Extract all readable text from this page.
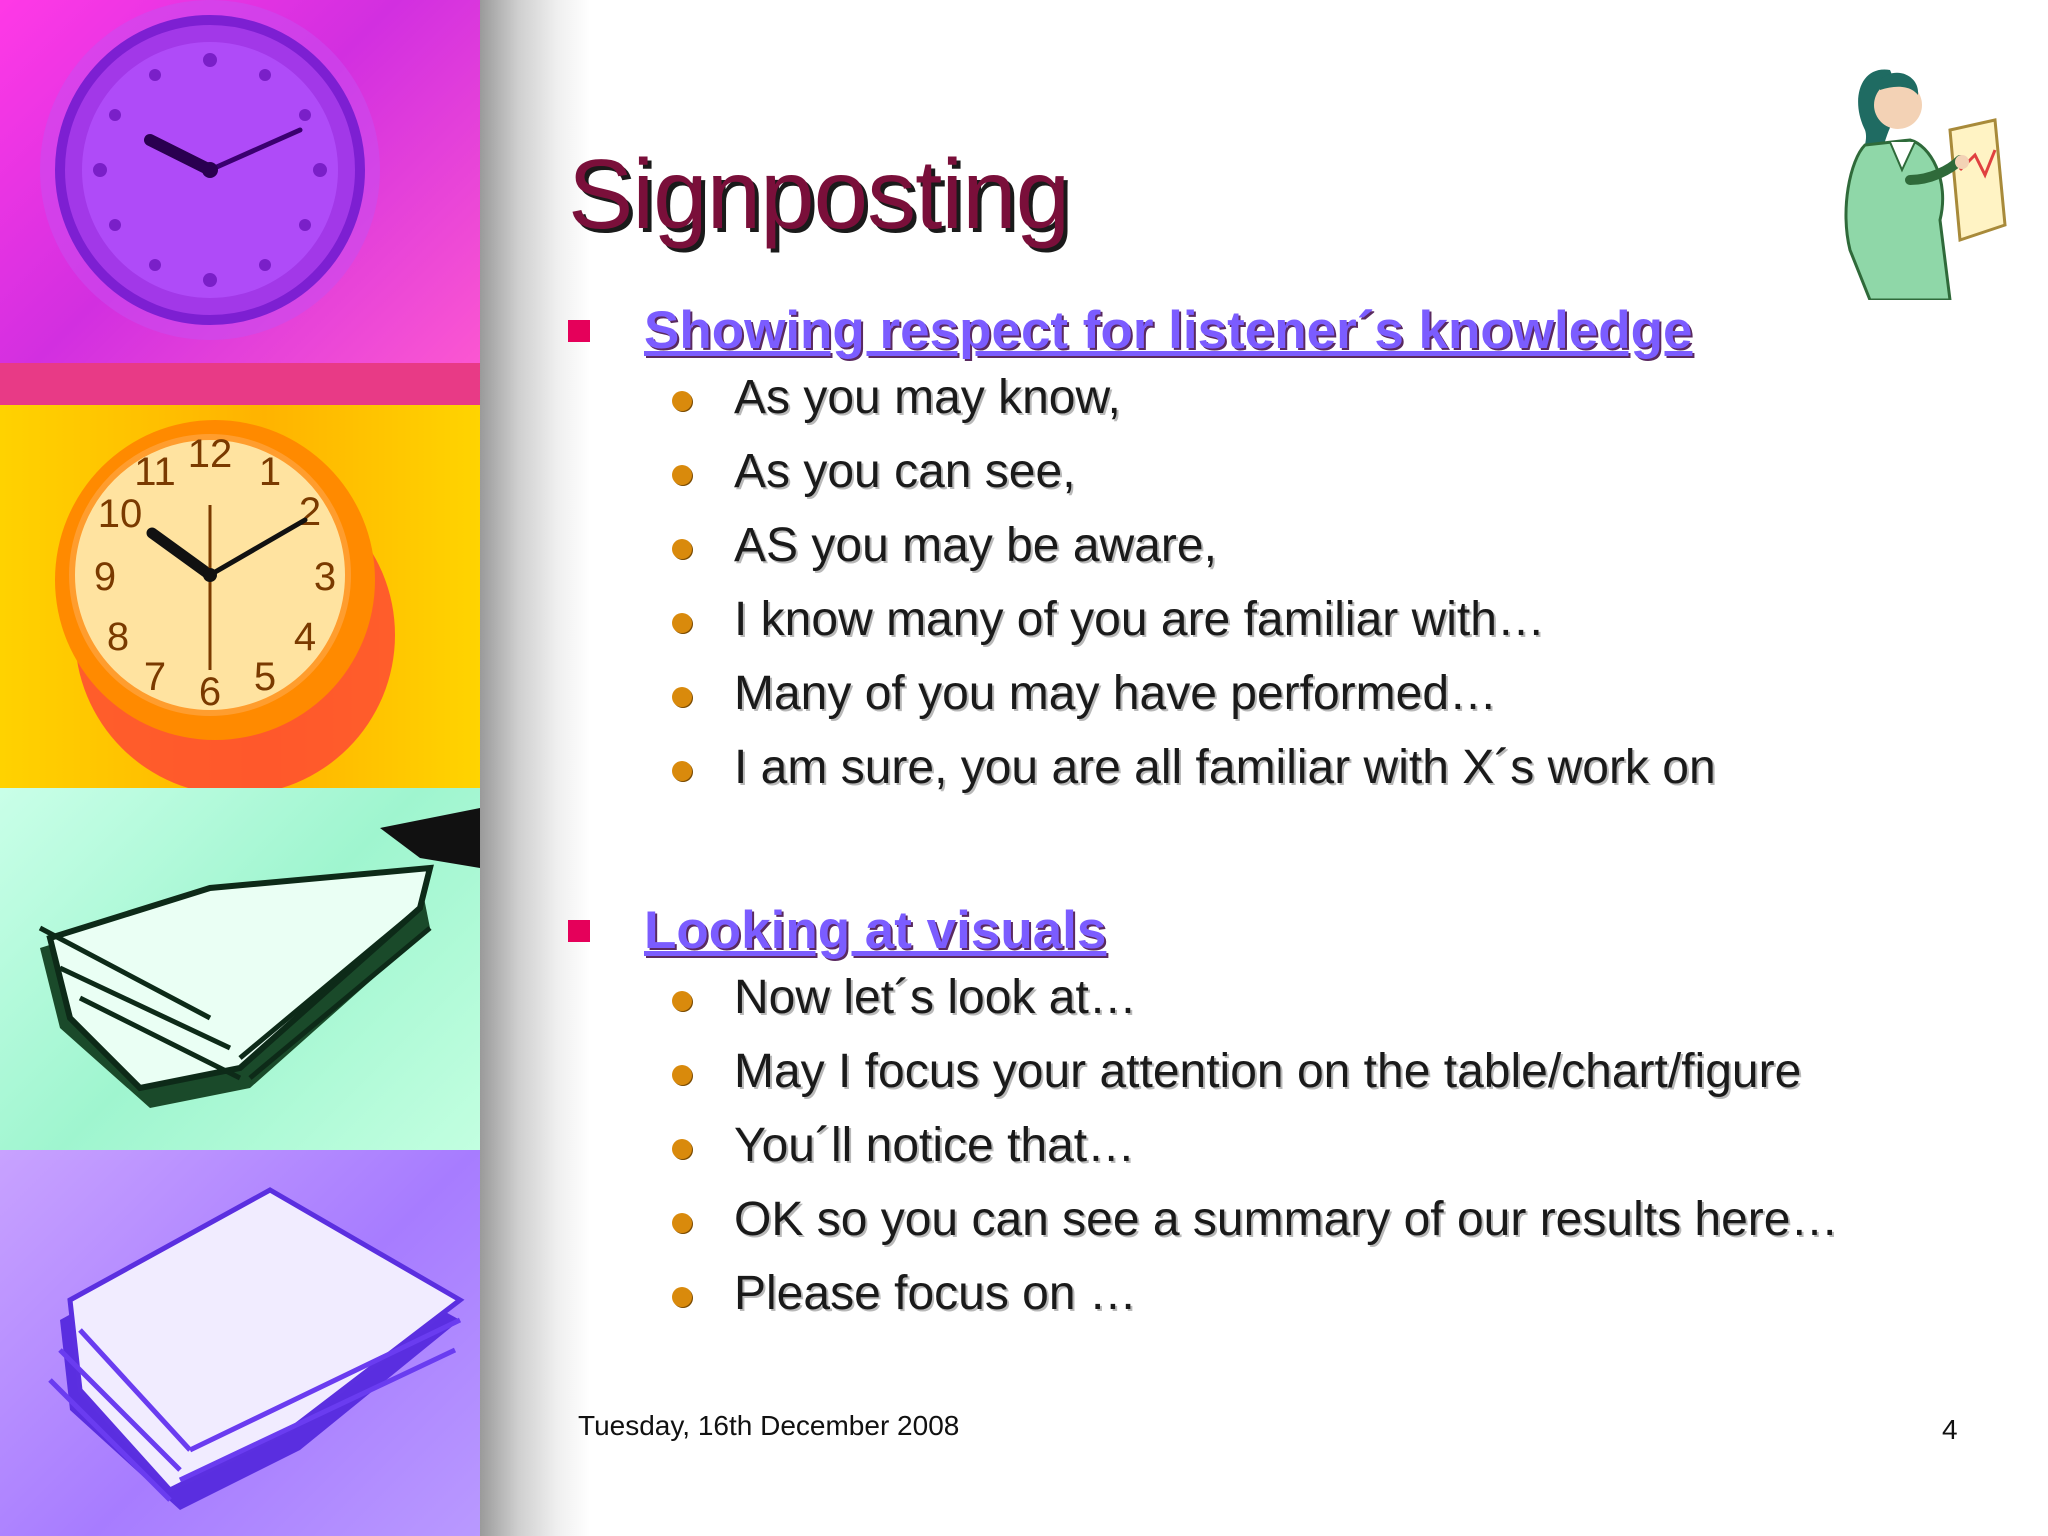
12 1
2
3
4
5
6
7
8
9
10
11
Signposting
Showing respect for listener´s knowledge
As you may know,
As you can see,
AS you may be aware,
I know many of you are familiar with…
Many of you may have performed…
I am sure, you are all familiar with X´s work on
Looking at visuals
Now let´s look at…
May I focus your attention on the table/chart/figure
You´ll notice that…
OK so you can see a summary of our results here…
Please focus on …
Tuesday, 16th December 2008	4
